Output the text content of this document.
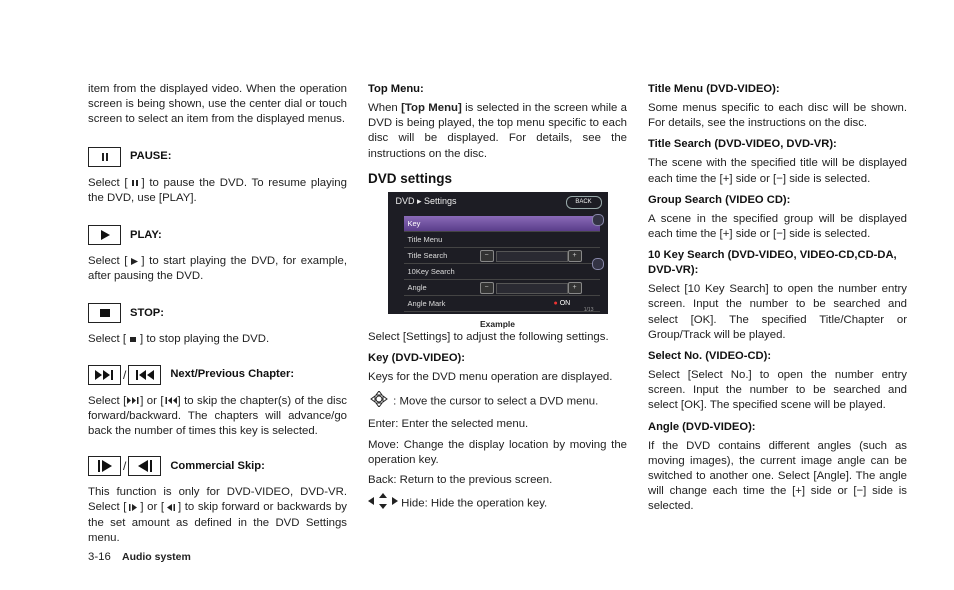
item from the displayed video. When the operation screen is being shown, use the center dial or touch screen to select an item from the displayed menus.

PAUSE:

Select [ ] to pause the DVD. To resume playing the DVD, use [PLAY].

PLAY:

Select [ ] to start playing the DVD, for example, after pausing the DVD.

STOP:

Select [ ] to stop playing the DVD.

/	Next/Previous Chapter:

Select [ ] or [ ] to skip the chapter(s) of the disc forward/backward. The chapters will advance/go back the number of times this key is selected.

/	Commercial Skip:

This function is only for DVD-VIDEO, DVD-VR. Select [ ] or [ ] to skip forward or backwards by the set amount as defined in the DVD Settings menu.

Top Menu:

When [Top Menu] is selected in the screen while a DVD is being played, the top menu specific to each disc will be displayed. For details, see the instructions on the disc.

DVD settings
DVD ▸ Settings	BACK
Key
Title Menu
Title Search	−	+
10Key Search
Angle	−	+
Angle Mark	● ON
1/13
Example

Select [Settings] to adjust the following settings.

Key (DVD-VIDEO):

Keys for the DVD menu operation are displayed.

: Move the cursor to select a DVD menu.

Enter: Enter the selected menu.

Move: Change the display location by moving the operation key.

Back: Return to the previous screen.

Hide: Hide the operation key.

Title Menu (DVD-VIDEO):

Some menus specific to each disc will be shown. For details, see the instructions on the disc.

Title Search (DVD-VIDEO, DVD-VR):

The scene with the specified title will be displayed each time the [+] side or [−] side is selected.

Group Search (VIDEO CD):

A scene in the specified group will be displayed each time the [+] side or [−] side is selected.

10 Key Search (DVD-VIDEO, VIDEO-CD,CD-DA, DVD-VR):

Select [10 Key Search] to open the number entry screen. Input the number to be searched and select [OK]. The specified Title/Chapter or Group/Track will be played.

Select No. (VIDEO-CD):

Select [Select No.] to open the number entry screen. Input the number to be searched and select [OK]. The specified scene will be played.

Angle (DVD-VIDEO):

If the DVD contains different angles (such as moving images), the current image angle can be switched to another one. Select [Angle]. The angle will change each time the [+] side or [−] side is selected.

3-16 Audio system
